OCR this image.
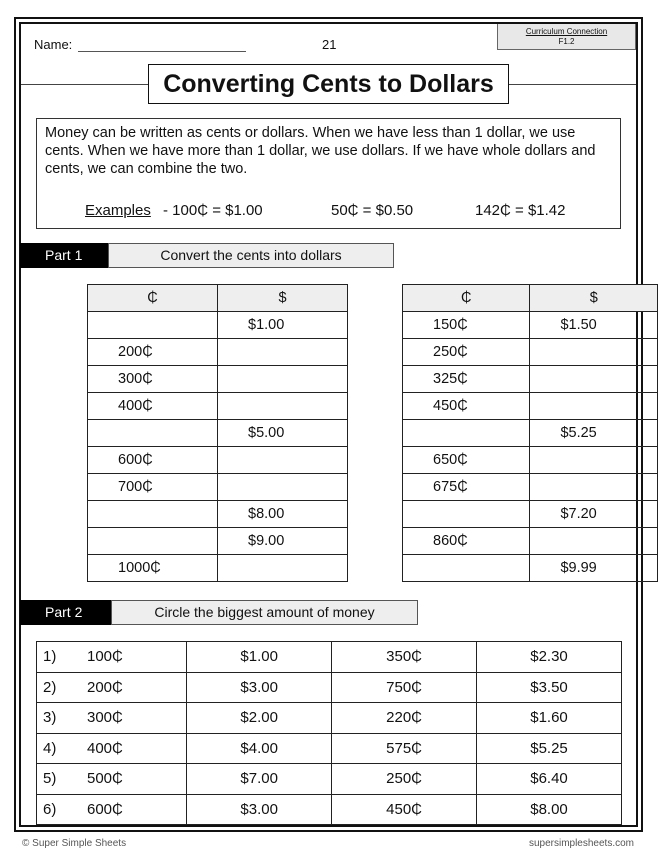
Name:	21
Curriculum Connection
F1.2
Converting Cents to Dollars
Money can be written as cents or dollars. When we have less than 1 dollar, we use cents. When we have more than 1 dollar, we use dollars. If we have whole dollars and cents, we can combine the two.
Examples - 100₵ = $1.00	50₵ = $0.50	142₵ = $1.42
Part 1	Convert the cents into dollars
₵	$
	$1.00
200₵	
300₵	
400₵	
	$5.00
600₵	
700₵	
	$8.00
	$9.00
1000₵	
₵	$
150₵	$1.50
250₵	
325₵	
450₵	
	$5.25
650₵	
675₵	
	$7.20
860₵	
	$9.99
Part 2	Circle the biggest amount of money
1) 100₵	$1.00	350₵	$2.30
2) 200₵	$3.00	750₵	$3.50
3) 300₵	$2.00	220₵	$1.60
4) 400₵	$4.00	575₵	$5.25
5) 500₵	$7.00	250₵	$6.40
6) 600₵	$3.00	450₵	$8.00
© Super Simple Sheets	supersimplesheets.com
